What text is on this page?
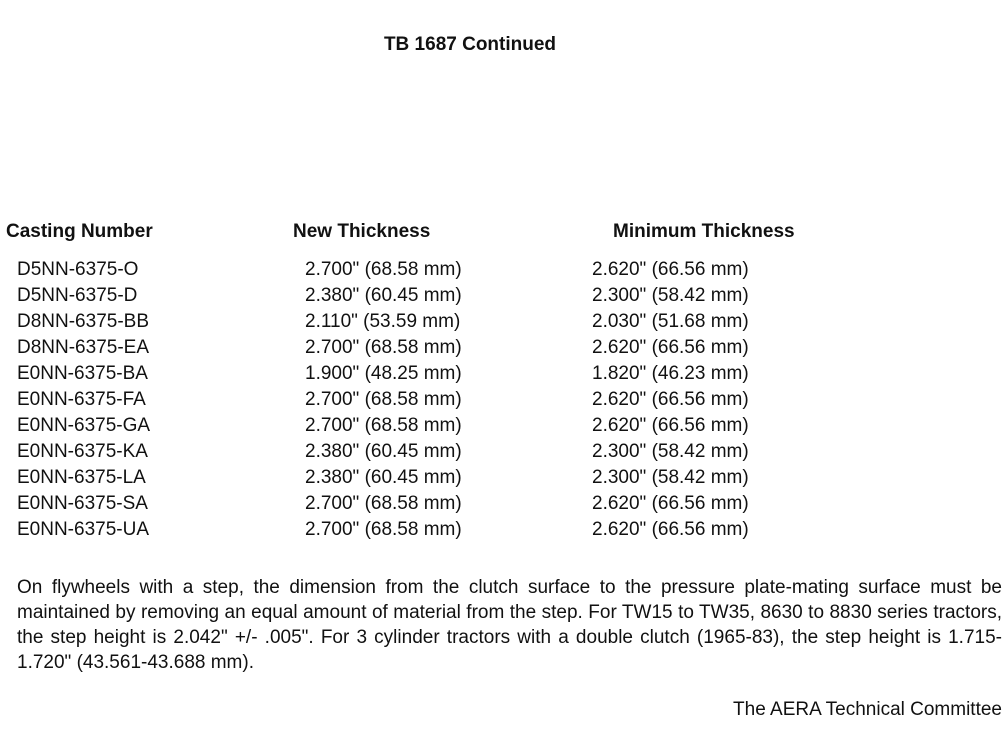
TB 1687 Continued
Casting Number	New Thickness	Minimum Thickness
D5NN-6375-O	2.700" (68.58 mm)	2.620" (66.56 mm)
D5NN-6375-D	2.380" (60.45 mm)	2.300" (58.42 mm)
D8NN-6375-BB	2.110" (53.59 mm)	2.030" (51.68 mm)
D8NN-6375-EA	2.700" (68.58 mm)	2.620" (66.56 mm)
E0NN-6375-BA	1.900" (48.25 mm)	1.820" (46.23 mm)
E0NN-6375-FA	2.700" (68.58 mm)	2.620" (66.56 mm)
E0NN-6375-GA	2.700" (68.58 mm)	2.620" (66.56 mm)
E0NN-6375-KA	2.380" (60.45 mm)	2.300" (58.42 mm)
E0NN-6375-LA	2.380" (60.45 mm)	2.300" (58.42 mm)
E0NN-6375-SA	2.700" (68.58 mm)	2.620" (66.56 mm)
E0NN-6375-UA	2.700" (68.58 mm)	2.620" (66.56 mm)
On flywheels with a step, the dimension from the clutch surface to the pressure plate-mating surface must be maintained by removing an equal amount of material from the step. For TW15 to TW35, 8630 to 8830 series tractors, the step height is 2.042" +/- .005". For 3 cylinder tractors with a double clutch (1965-83), the step height is 1.715-1.720" (43.561-43.688 mm).
The AERA Technical Committee
